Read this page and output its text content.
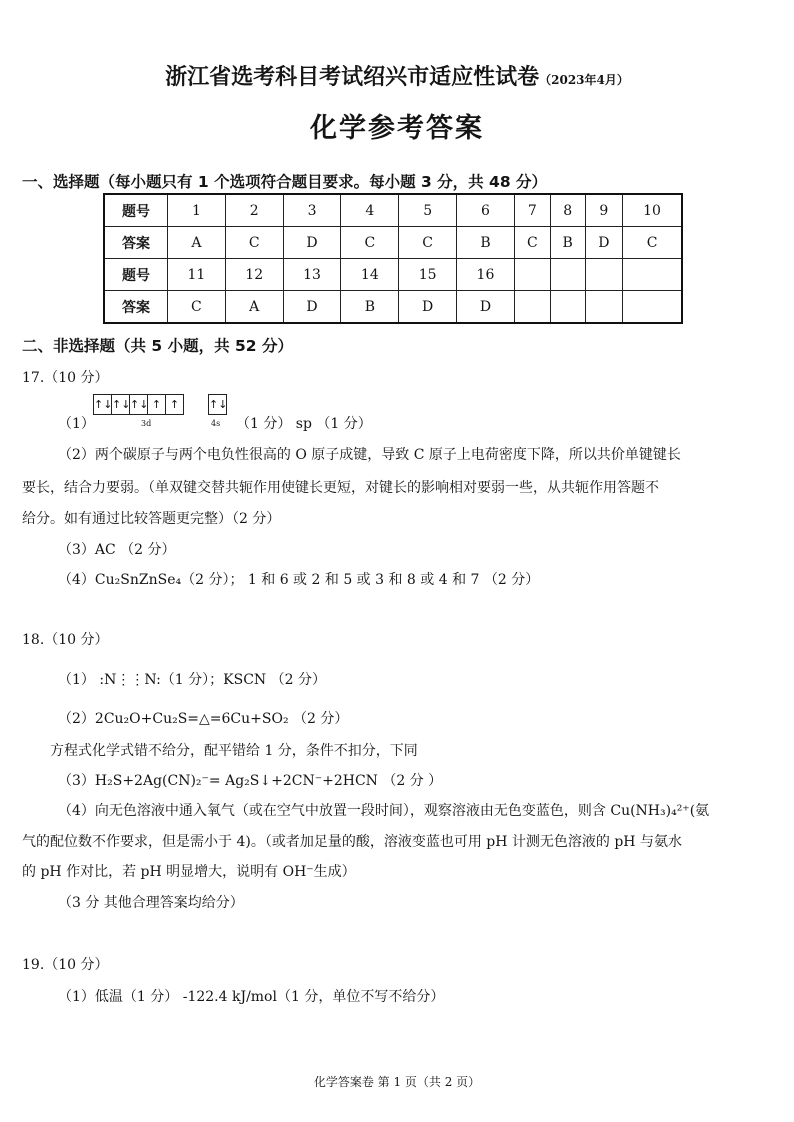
浙江省选考科目考试绍兴市适应性试卷（2023年4月）
化学参考答案
一、选择题（每小题只有 1 个选项符合题目要求。每小题 3 分，共 48 分）
题号	1	2	3	4	5	6	7	8	9	10
答案	A	C	D	C	C	B	C	B	D	C
题号	11	12	13	14	15	16				
答案	C	A	D	B	D	D				
二、非选择题（共 5 小题，共 52 分）
17.（10 分）
↑↓↑↓↑↓ ↑ ↑	↑↓
3d	4s
（1）	（1 分） sp （1 分）
（2）两个碳原子与两个电负性很高的 O 原子成键，导致 C 原子上电荷密度下降，所以共价单键键长
要长，结合力要弱。（单双键交替共轭作用使键长更短，对键长的影响相对要弱一些，从共轭作用答题不
给分。如有通过比较答题更完整）（2 分）
（3）AC （2 分）
（4）Cu₂SnZnSe₄（2 分）； 1 和 6 或 2 和 5 或 3 和 8 或 4 和 7 （2 分）
18.（10 分）
（1） :N⋮⋮N:（1 分）；KSCN （2 分）
（2）2Cu₂O+Cu₂S=△=6Cu+SO₂ （2 分）
方程式化学式错不给分，配平错给 1 分，条件不扣分，下同
（3）H₂S+2Ag(CN)₂⁻= Ag₂S↓+2CN⁻+2HCN （2 分 ）
（4）向无色溶液中通入氧气（或在空气中放置一段时间），观察溶液由无色变蓝色，则含 Cu(NH₃)₄²⁺(氨
气的配位数不作要求，但是需小于 4)。（或者加足量的酸，溶液变蓝也可用 pH 计测无色溶液的 pH 与氨水
的 pH 作对比，若 pH 明显增大，说明有 OH⁻生成）
（3 分 其他合理答案均给分）
19.（10 分）
（1）低温（1 分） -122.4 kJ/mol（1 分，单位不写不给分）
化学答案卷 第 1 页（共 2 页）
